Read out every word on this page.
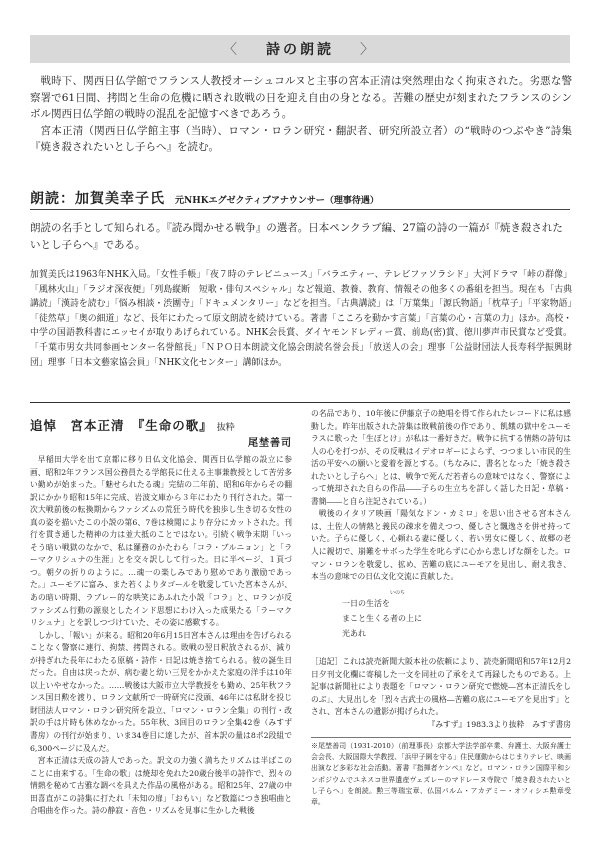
〈 詩の朗読 〉

戦時下、関西日仏学館でフランス人教授オーシュコルヌと主事の宮本正清は突然理由なく拘束された。劣悪な警察署で61日間、拷問と生命の危機に晒され敗戦の日を迎え自由の身となる。苦難の歴史が刻まれたフランスのシンボル関西日仏学館の戦時の混乱を記憶すべきであろう。

宮本正清（関西日仏学館主事（当時）、ロマン・ロラン研究・翻訳者、研究所設立者）の“戦時のつぶやき”詩集『焼き殺されたいとし子らへ』を読む。

朗読：加賀美幸子氏 元NHKエグゼクティブアナウンサー（理事待遇）
朗読の名手として知られる。『読み聞かせる戦争』の選者。日本ペンクラブ編、27篇の詩の一篇が『焼き殺されたいとし子らへ』である。
加賀美氏は1963年NHK入局。「女性手帳」「夜７時のテレビニュース」「バラエティー、テレビファソラシド」大河ドラマ「峠の群像」「風林火山」「ラジオ深夜便」「列島縦断　短歌・俳句スペシャル」など報道、教養、教育、情報その他多くの番組を担当。現在も「古典講読」「漢詩を読む」「悩み相談・渋團寺」「ドキュメンタリー」などを担当。「古典講読」は「万葉集」「源氏物語」「枕草子」「平家物語」「徒然草」「奥の細道」など、長年にわたって原文朗読を続けている。著書「こころを動かす言葉」「言葉の心・言葉の力」ほか。高校・中学の国語教科書にエッセイが取りあげられている。NHK会長賞、ダイヤモンドレディー賞、前島(密)賞、徳川夢声市民賞など受賞。「千葉市男女共同参画センター名誉館長」「ＮＰＯ日本朗読文化協会朗読名誉会長」「放送人の会」理事「公益財団法人長寿科学振興財団」理事「日本文藝家協会員」「NHK文化センター」講師ほか。
追悼　宮本正清　『生命の歌』 抜粋
尾埜善司

早稲田大学を出て京都に移り日仏文化協会、関西日仏学館の設立に参画、昭和2年フランス国公務員たる学館長に仕える主事兼教授として苦労多い勤めが始まった。「魅せられたる魂」完結の二年前、昭和6年からその翻訳にかかり昭和15年に完成、岩波文庫から３年にわたり刊行された。第一次大戦前後の転換期からファシズムの荒狂う時代を独歩し生き切る女性の真の姿を描いたこの小説の第6、7巻は検閲により存分にカットされた。刊行を貫き通した精神の力は並大抵のことではない。引続く戦争末期「いっそう暗い戦獄のなかで、私は羅務のかたわら「コラ・ブルニョン」と「ラーマクリシュナの生涯」とを交々訳しして行った。日に半ページ、１頁づつ。朝夕の折りのように。…魂一の楽しみであり慰めであり激励であった。」ユーモアに富み、また若くよりタゴールを敬愛していた宮本さんが、あの暗い時期、ラブレー的な哄笑にあふれた小説「コラ」と、ロランが反ファシズム行動の源泉としたインド思想にわけ入った成果たる「ラーマクリシュナ」とを訳しつづけていた、その姿に感歎する。

しかし、「報い」が来る。昭和20年6月15日宮本さんは理由を告げられることなく警察に連行、拘禁、拷問される。敗戦の翌日釈放されるが、減りが持ぎれた長年にわたる原稿・詩作・日記は焼き捨てられる。彼の誕生日だった。自由は戻ったが、病む妻と幼い三児をかかえた家庭の洋手は10年以上いやせなかった。……戦後は大阪市立大学教授をも勤め、25年秋フランス国日勲を渡り、ロラン文献所で一時研究に没頭、46年には私財を投じ財団法人ロマン・ロラン研究所を設立、「ロマン・ロラン全集」の刊行・改訳の手は片時も休めなかった。55年秋、3回目のロラン全集42巻（みすず書房）の刊行が始まり、いま34巻目に達したが、首本訳の量は8ポ2段組で6,300ページに及んだ。

宮本正清は天成の詩人であった。訳文の力強く満ちたリズムは半ばこのことに由来する。「生命の歌」は焼却を免れた20歳台後半の詩作で、烈々の情熱を秘めて古雅な調べを具えた作品の風格がある。昭和25年、27歳の中田喜直がこの詩集に打たれ「未知の扉」「おもい」など数篇につき独唱曲と合唱曲を作った。詩の静寂・音色・リズムを見事に生かした戦後

の名品であり、10年後に伊藤京子の絶唱を得て作られたレコードに私は感動した。昨年出版された詩集は敗戦前後の作であり、飢餓の獄中をユーモラスに歌った「生ぼとけ」が私は一番好きだ。戦争に抗する情熱の詩句は人の心を打つが、その反戦はイデオロギーによらず、つつましい市民的生活の平安への願いと愛着を源とする。（ちなみに、書名となった「焼き殺されたいとし子らへ」とは、戦争で死んだ若者らの意味ではなく、警察によって焼却された自らの作品――子らの生立ちを詳しく話した日記・草稿・書簡――と自ら注記されている。）

戦後のイタリア映画「陽気なドン・カミロ」を思い出させる宮本さんは、土佐人の情熱と義民の疎求を備えつつ、優しさと飄逸さを併せ持っていた。子らに優しく、心頼れる妻に優しく、若い男女に優しく、故郷の老人に親切で、崩難をサボった学生を叱らずに心から悲しげな顔をした。ロマン・ロランを敬愛し、拡め、苦難の底にユーモアを見出し、耐え我き、本当の意味での日仏文化交流に貢献した。

いのち
一日の生活を
まこと生くる者の上に
光あれ
［追記］これは読売新聞大阪本社の依頼により、読売新聞昭和57年12月2日夕刊文化欄に寄稿した一文を同社の了承をえて再録したものである。上記事は新聞社により表題を「ロマン・ロラン研究で燃焼―宮本正清氏をしのぶ」、大見出しを「烈々古武士の風格―苦難の底にユーモアを見出す」とされ、宮本さんの遺影が掲げられた。
『みすず』1983.3より抜粋　みすず書房
※尾埜善司（1931-2010）（前理事長）京都大学法学部卒業、弁護士、大阪弁護士会会長、大阪国際大学教授、「浜甲子園を守る」住民運動からはじまりテレビ、映画出演など多彩な社会活動。著書『指揮者ケンペ』など。ロマン・ロラン国際平和シンポジウムでユネスコ世界遺産ヴェズレーのマドレーヌ寺院で「焼き殺されたいとし子らへ」を朗読。勲三等瑞宝章、仏国パルム・アカデミー・オフィシエ勲章受章。
